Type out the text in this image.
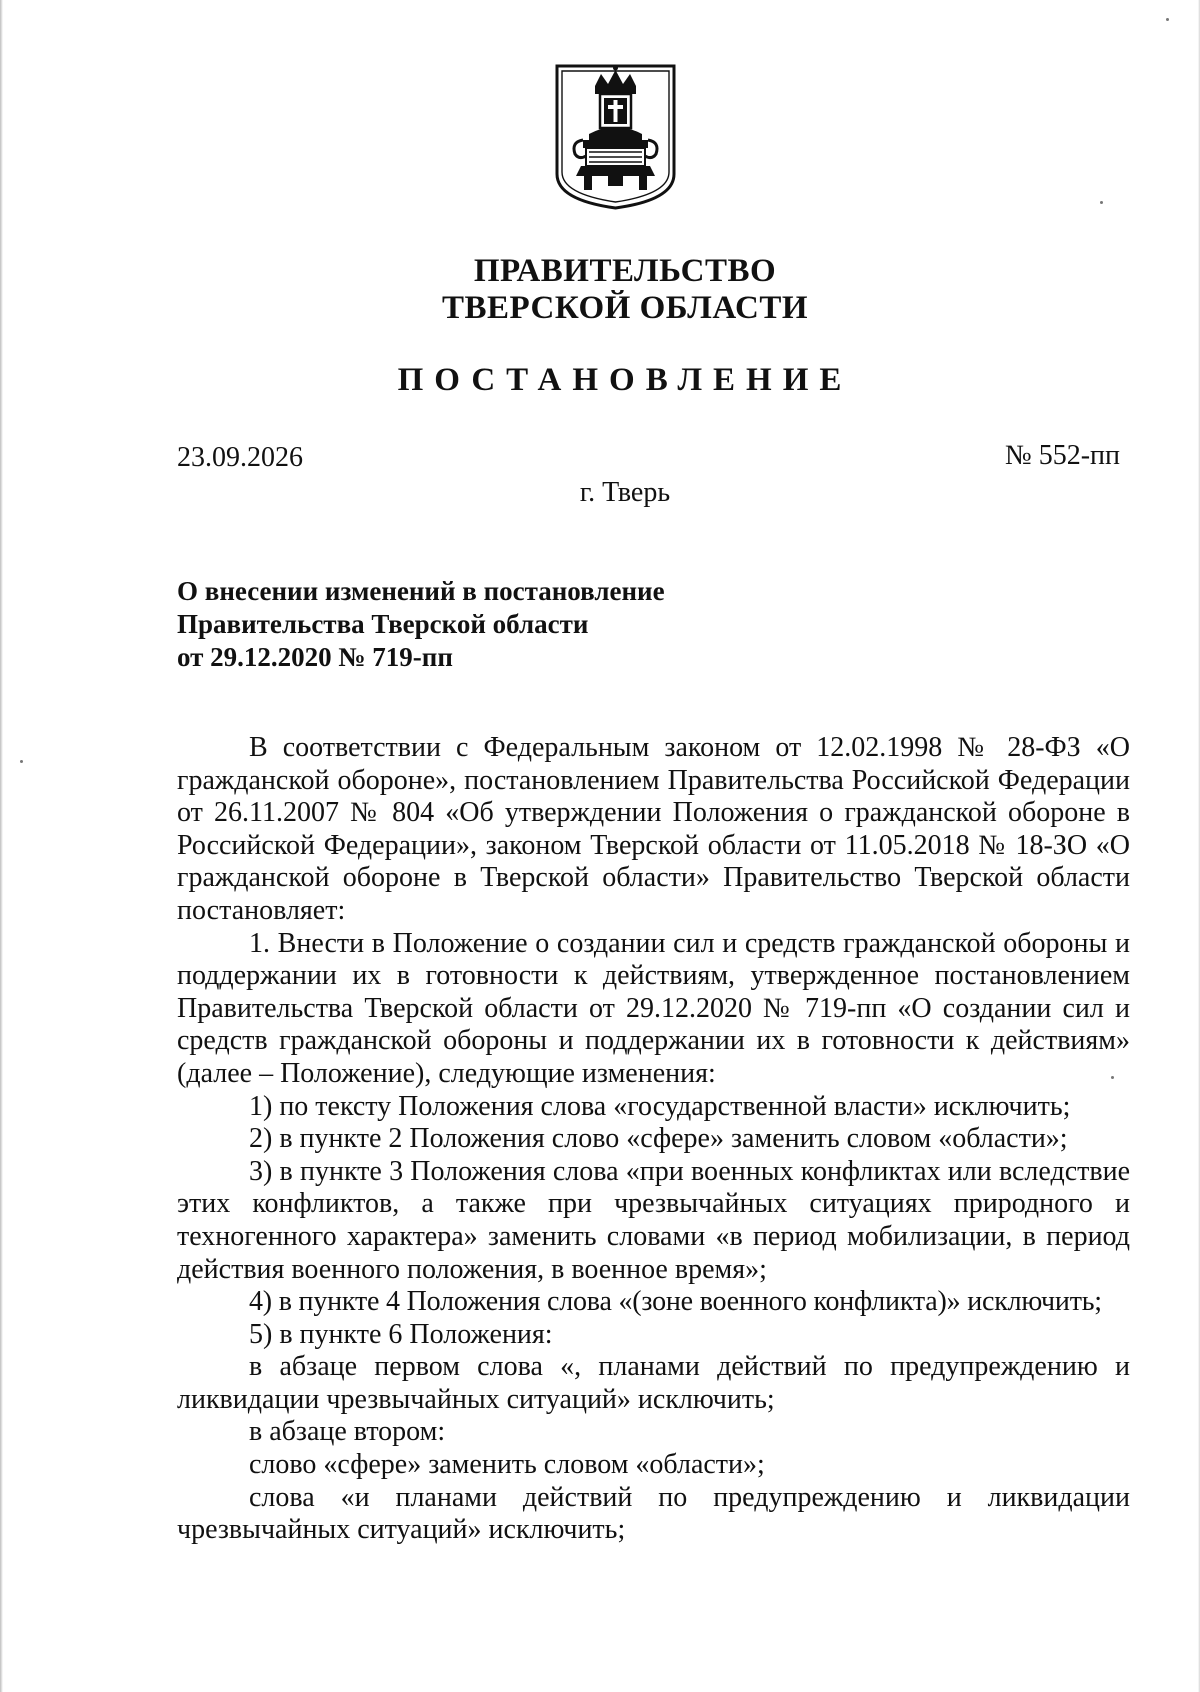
ПРАВИТЕЛЬСТВО
ТВЕРСКОЙ ОБЛАСТИ
ПОСТАНОВЛЕНИЕ
23.09.2026	№ 552-пп
г. Тверь
О внесении изменений в постановление
Правительства Тверской области
от 29.12.2020 № 719-пп

В соответствии с Федеральным законом от 12.02.1998 № 28-ФЗ «О гражданской обороне», постановлением Правительства Российской Федерации от 26.11.2007 № 804 «Об утверждении Положения о гражданской обороне в Российской Федерации», законом Тверской области от 11.05.2018 № 18-ЗО «О гражданской обороне в Тверской области» Правительство Тверской области постановляет:

1. Внести в Положение о создании сил и средств гражданской обороны и поддержании их в готовности к действиям, утвержденное постановлением Правительства Тверской области от 29.12.2020 № 719-пп «О создании сил и средств гражданской обороны и поддержании их в готовности к действиям» (далее – Положение), следующие изменения:

1) по тексту Положения слова «государственной власти» исключить;

2) в пункте 2 Положения слово «сфере» заменить словом «области»;

3) в пункте 3 Положения слова «при военных конфликтах или вследствие этих конфликтов, а также при чрезвычайных ситуациях природного и техногенного характера» заменить словами «в период мобилизации, в период действия военного положения, в военное время»;

4) в пункте 4 Положения слова «(зоне военного конфликта)» исключить;

5) в пункте 6 Положения:

в абзаце первом слова «, планами действий по предупреждению и ликвидации чрезвычайных ситуаций» исключить;

в абзаце втором:

слово «сфере» заменить словом «области»;

слова «и планами действий по предупреждению и ликвидации чрезвычайных ситуаций» исключить;
